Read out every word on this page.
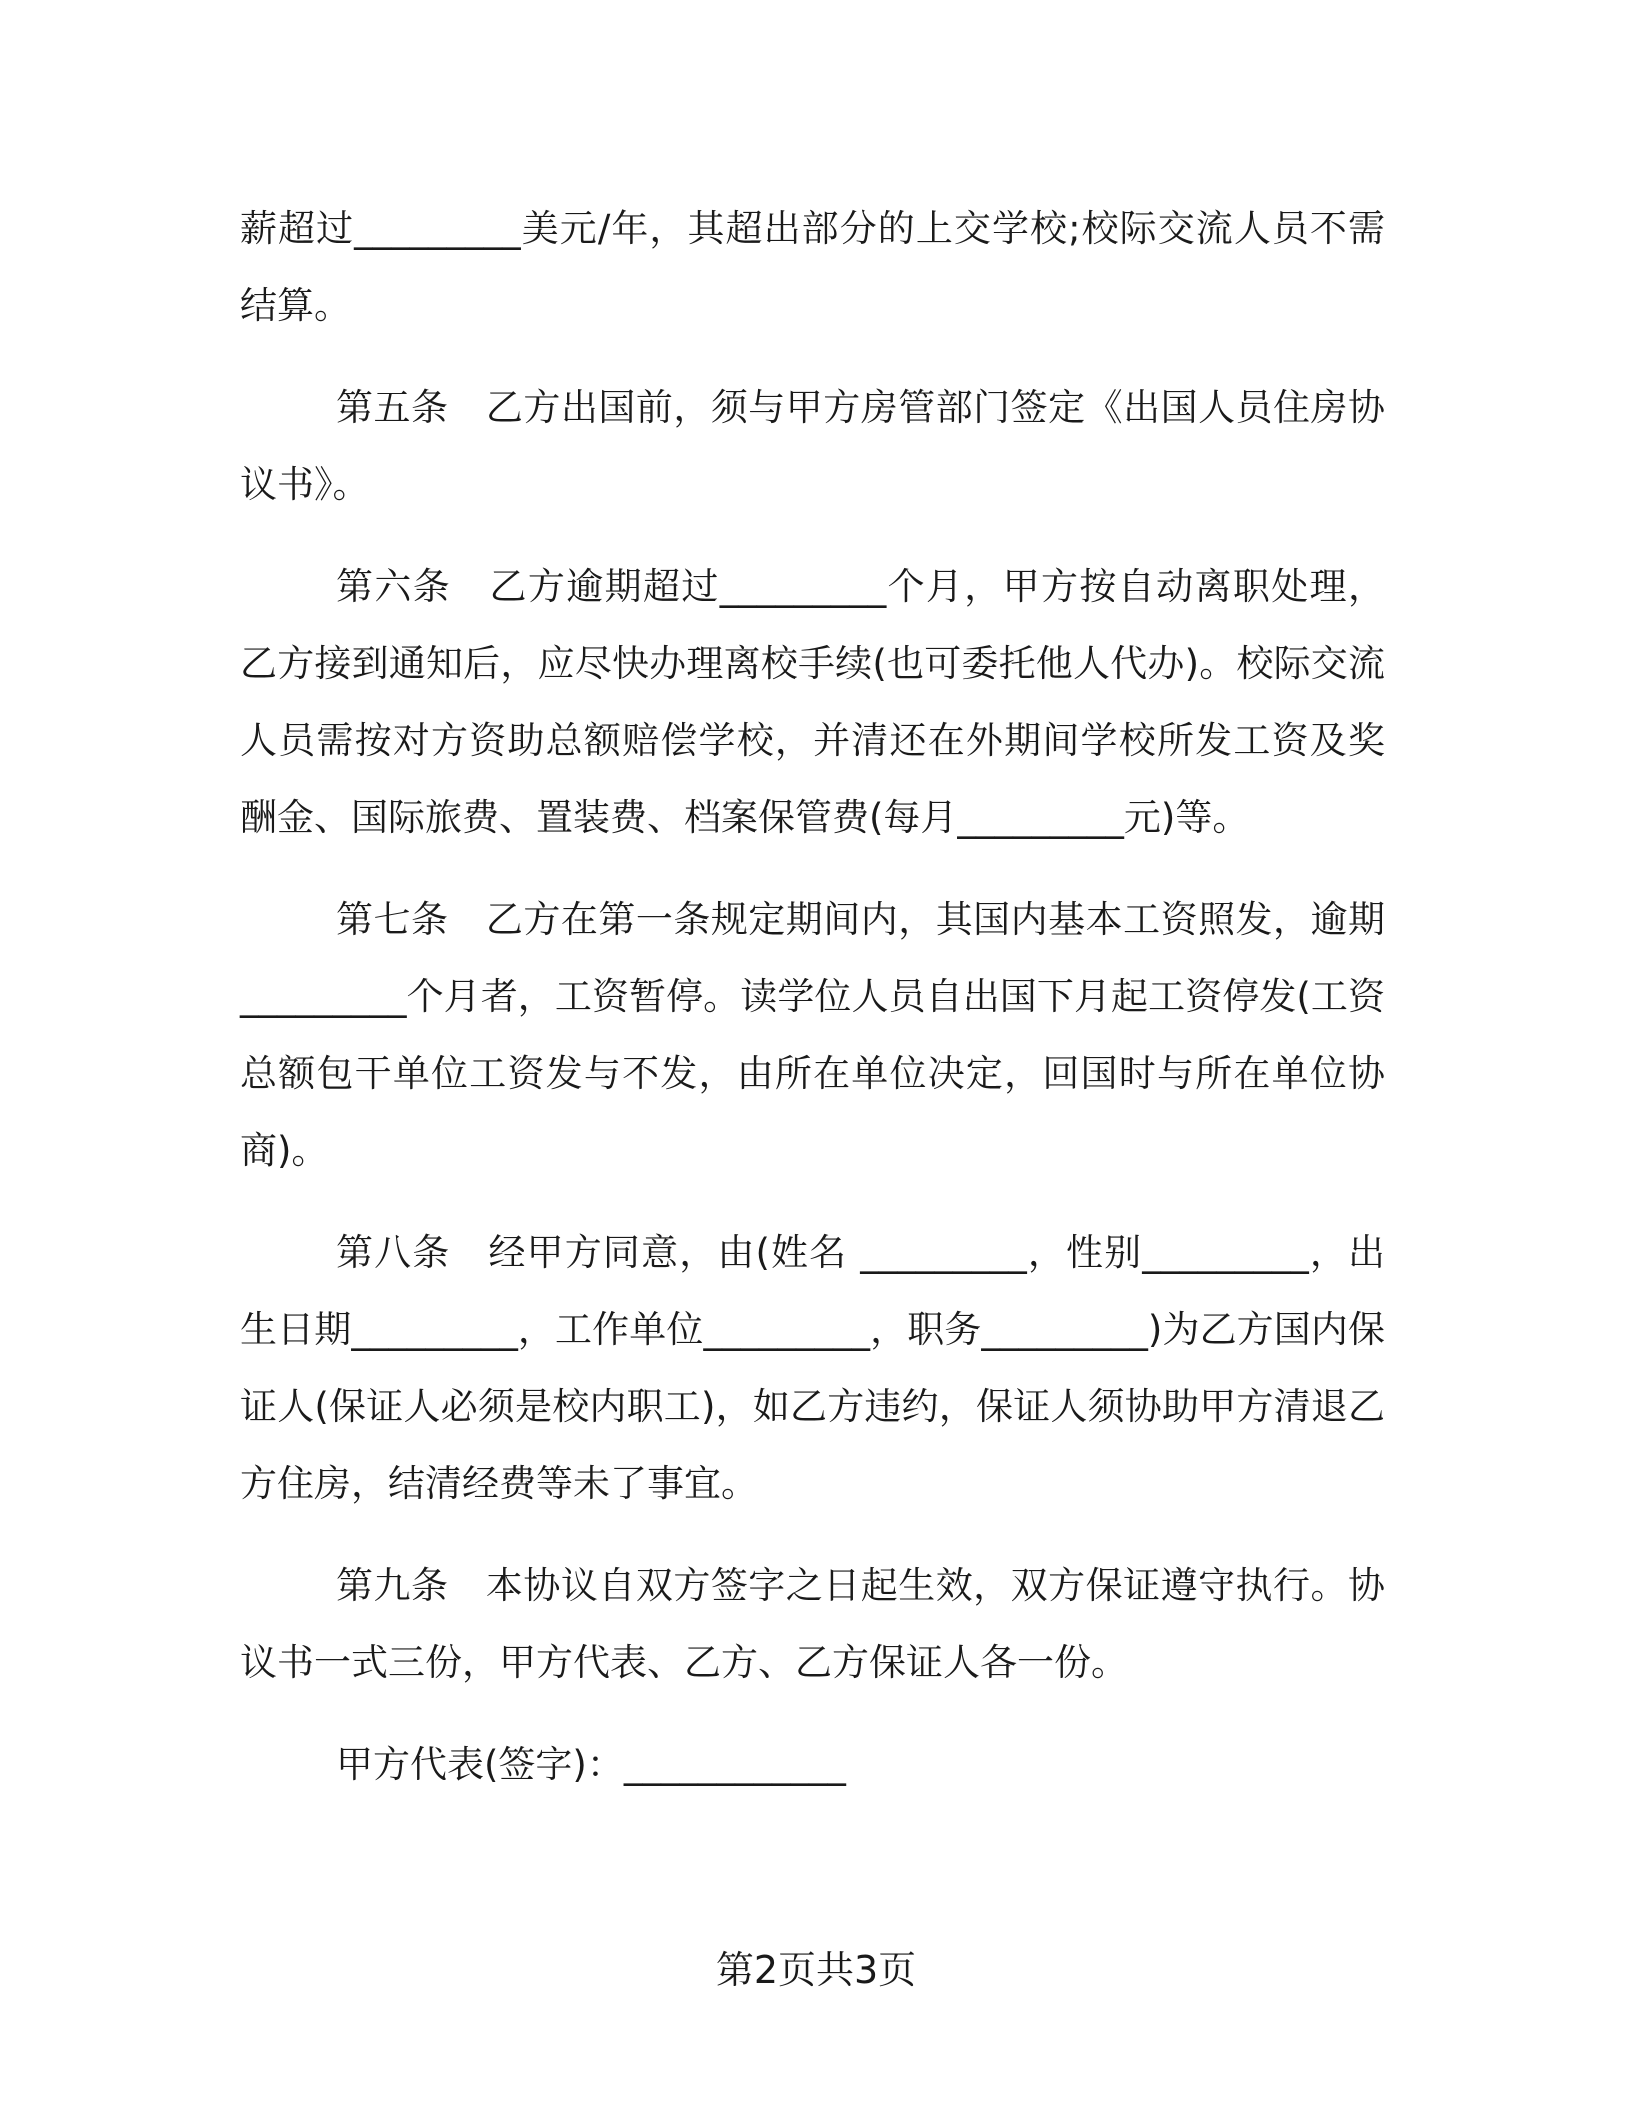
薪超过_________美元/年，其超出部分的上交学校;校际交流人员不需结算。

第五条　乙方出国前，须与甲方房管部门签定《出国人员住房协议书》。

第六条　乙方逾期超过_________个月，甲方按自动离职处理，乙方接到通知后，应尽快办理离校手续(也可委托他人代办)。校际交流人员需按对方资助总额赔偿学校，并清还在外期间学校所发工资及奖酬金、国际旅费、置装费、档案保管费(每月_________元)等。

第七条　乙方在第一条规定期间内，其国内基本工资照发，逾期_________个月者，工资暂停。读学位人员自出国下月起工资停发(工资总额包干单位工资发与不发，由所在单位决定，回国时与所在单位协商)。

第八条　经甲方同意，由(姓名 _________，性别_________，出生日期_________，工作单位_________，职务_________)为乙方国内保证人(保证人必须是校内职工)，如乙方违约，保证人须协助甲方清退乙方住房，结清经费等未了事宜。

第九条　本协议自双方签字之日起生效，双方保证遵守执行。协议书一式三份，甲方代表、乙方、乙方保证人各一份。

甲方代表(签字)：____________
第2页共3页
